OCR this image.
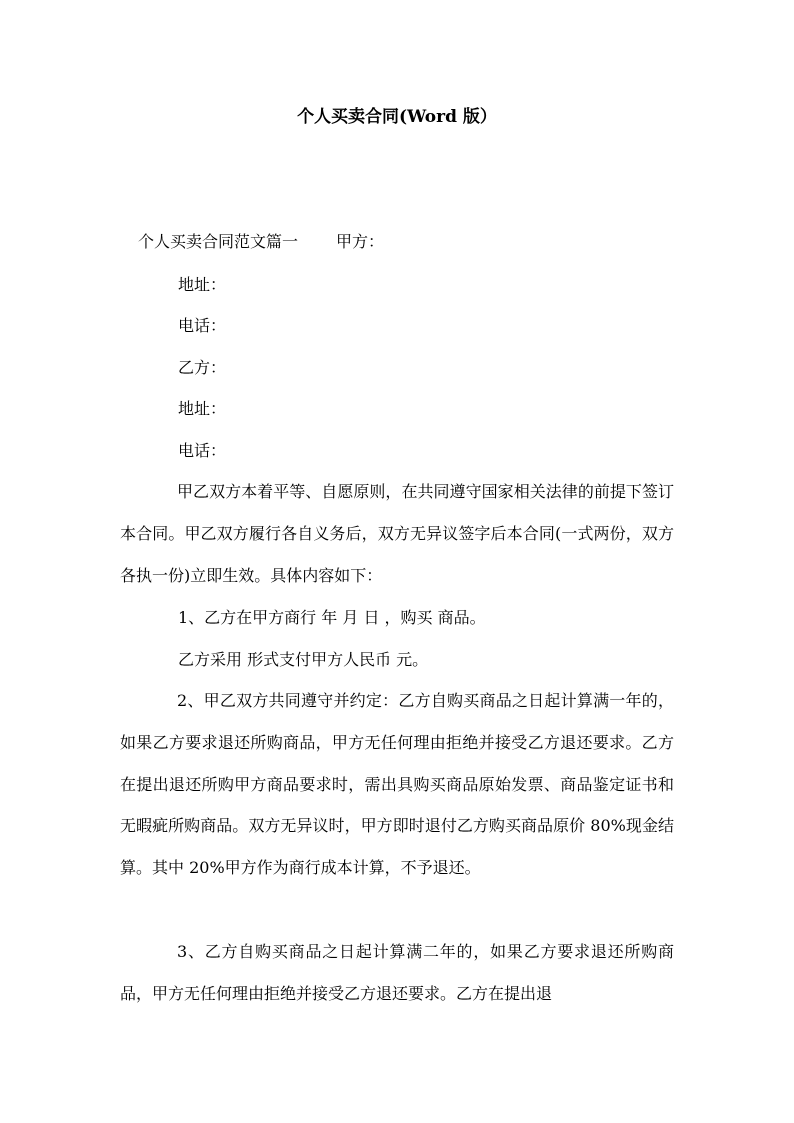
个人买卖合同(Word 版）
个人买卖合同范文篇一 甲方：
地址：
电话：
乙方：
地址：
电话：

甲乙双方本着平等、自愿原则，在共同遵守国家相关法律的前提下签订本合同。甲乙双方履行各自义务后，双方无异议签字后本合同(一式两份，双方各执一份)立即生效。具体内容如下：

1、乙方在甲方商行 年 月 日 ，购买 商品。
乙方采用 形式支付甲方人民币 元。

2、甲乙双方共同遵守并约定：乙方自购买商品之日起计算满一年的，如果乙方要求退还所购商品，甲方无任何理由拒绝并接受乙方退还要求。乙方在提出退还所购甲方商品要求时，需出具购买商品原始发票、商品鉴定证书和无暇疵所购商品。双方无异议时，甲方即时退付乙方购买商品原价 80%现金结算。其中 20%甲方作为商行成本计算，不予退还。

3、乙方自购买商品之日起计算满二年的，如果乙方要求退还所购商品，甲方无任何理由拒绝并接受乙方退还要求。乙方在提出退
